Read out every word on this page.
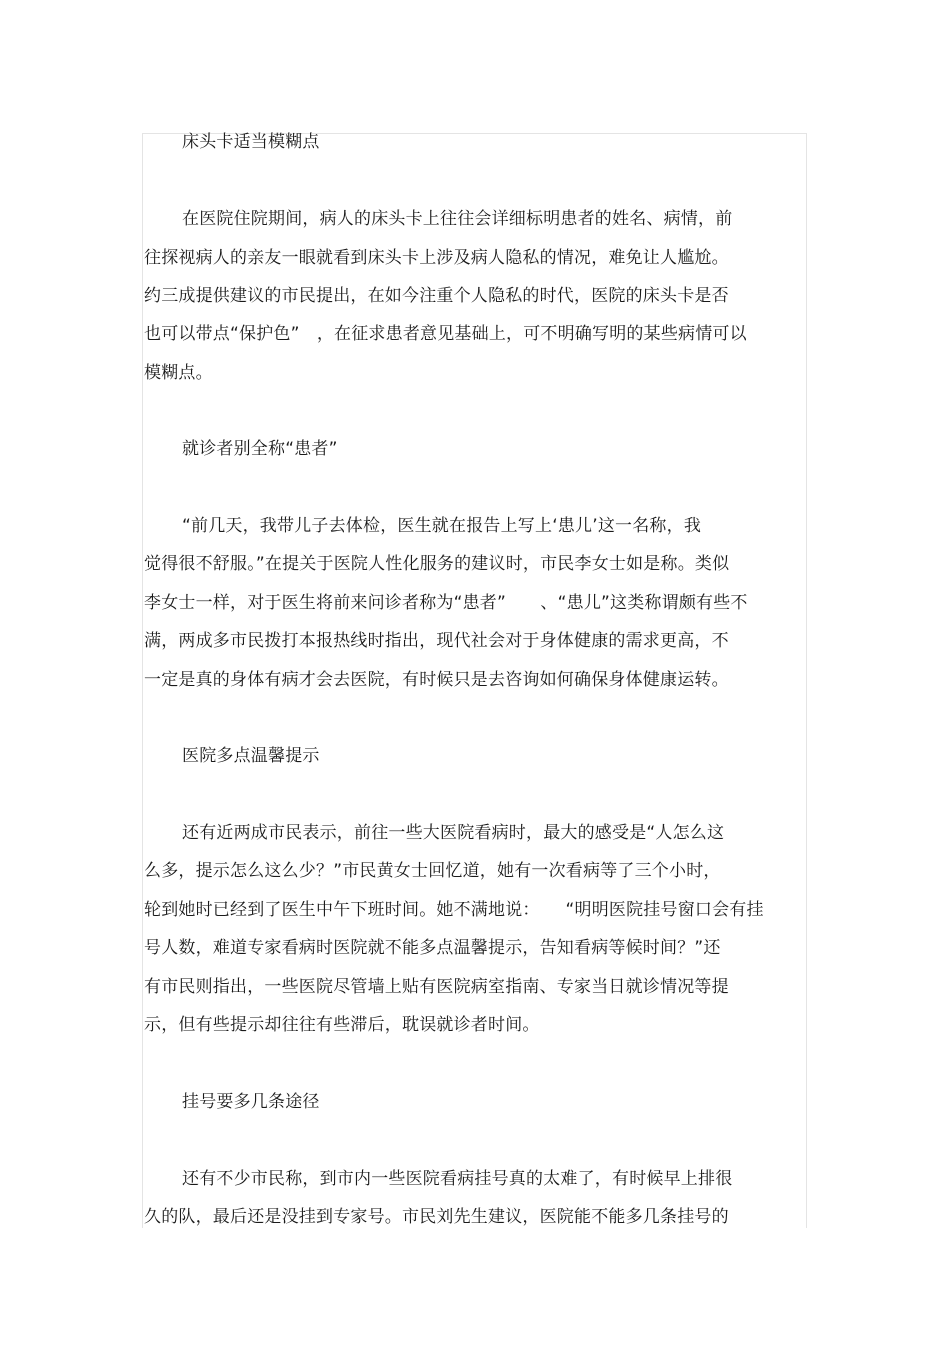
床头卡适当模糊点
在医院住院期间，病人的床头卡上往往会详细标明患者的姓名、病情，前
往探视病人的亲友一眼就看到床头卡上涉及病人隐私的情况，难免让人尴尬。
约三成提供建议的市民提出，在如今注重个人隐私的时代，医院的床头卡是否
也可以带点“保护色”　，在征求患者意见基础上，可不明确写明的某些病情可以
模糊点。
就诊者别全称“患者”
“前几天，我带儿子去体检，医生就在报告上写上‘患儿’这一名称，我
觉得很不舒服。”在提关于医院人性化服务的建议时，市民李女士如是称。类似
李女士一样，对于医生将前来问诊者称为“患者”　　、“患儿”这类称谓颇有些不
满，两成多市民拨打本报热线时指出，现代社会对于身体健康的需求更高，不
一定是真的身体有病才会去医院，有时候只是去咨询如何确保身体健康运转。
医院多点温馨提示
还有近两成市民表示，前往一些大医院看病时，最大的感受是“人怎么这
么多，提示怎么这么少？”市民黄女士回忆道，她有一次看病等了三个小时，
轮到她时已经到了医生中午下班时间。她不满地说：　　“明明医院挂号窗口会有挂
号人数，难道专家看病时医院就不能多点温馨提示，告知看病等候时间？”还
有市民则指出，一些医院尽管墙上贴有医院病室指南、专家当日就诊情况等提
示，但有些提示却往往有些滞后，耽误就诊者时间。
挂号要多几条途径
还有不少市民称，到市内一些医院看病挂号真的太难了，有时候早上排很
久的队，最后还是没挂到专家号。市民刘先生建议，医院能不能多几条挂号的
